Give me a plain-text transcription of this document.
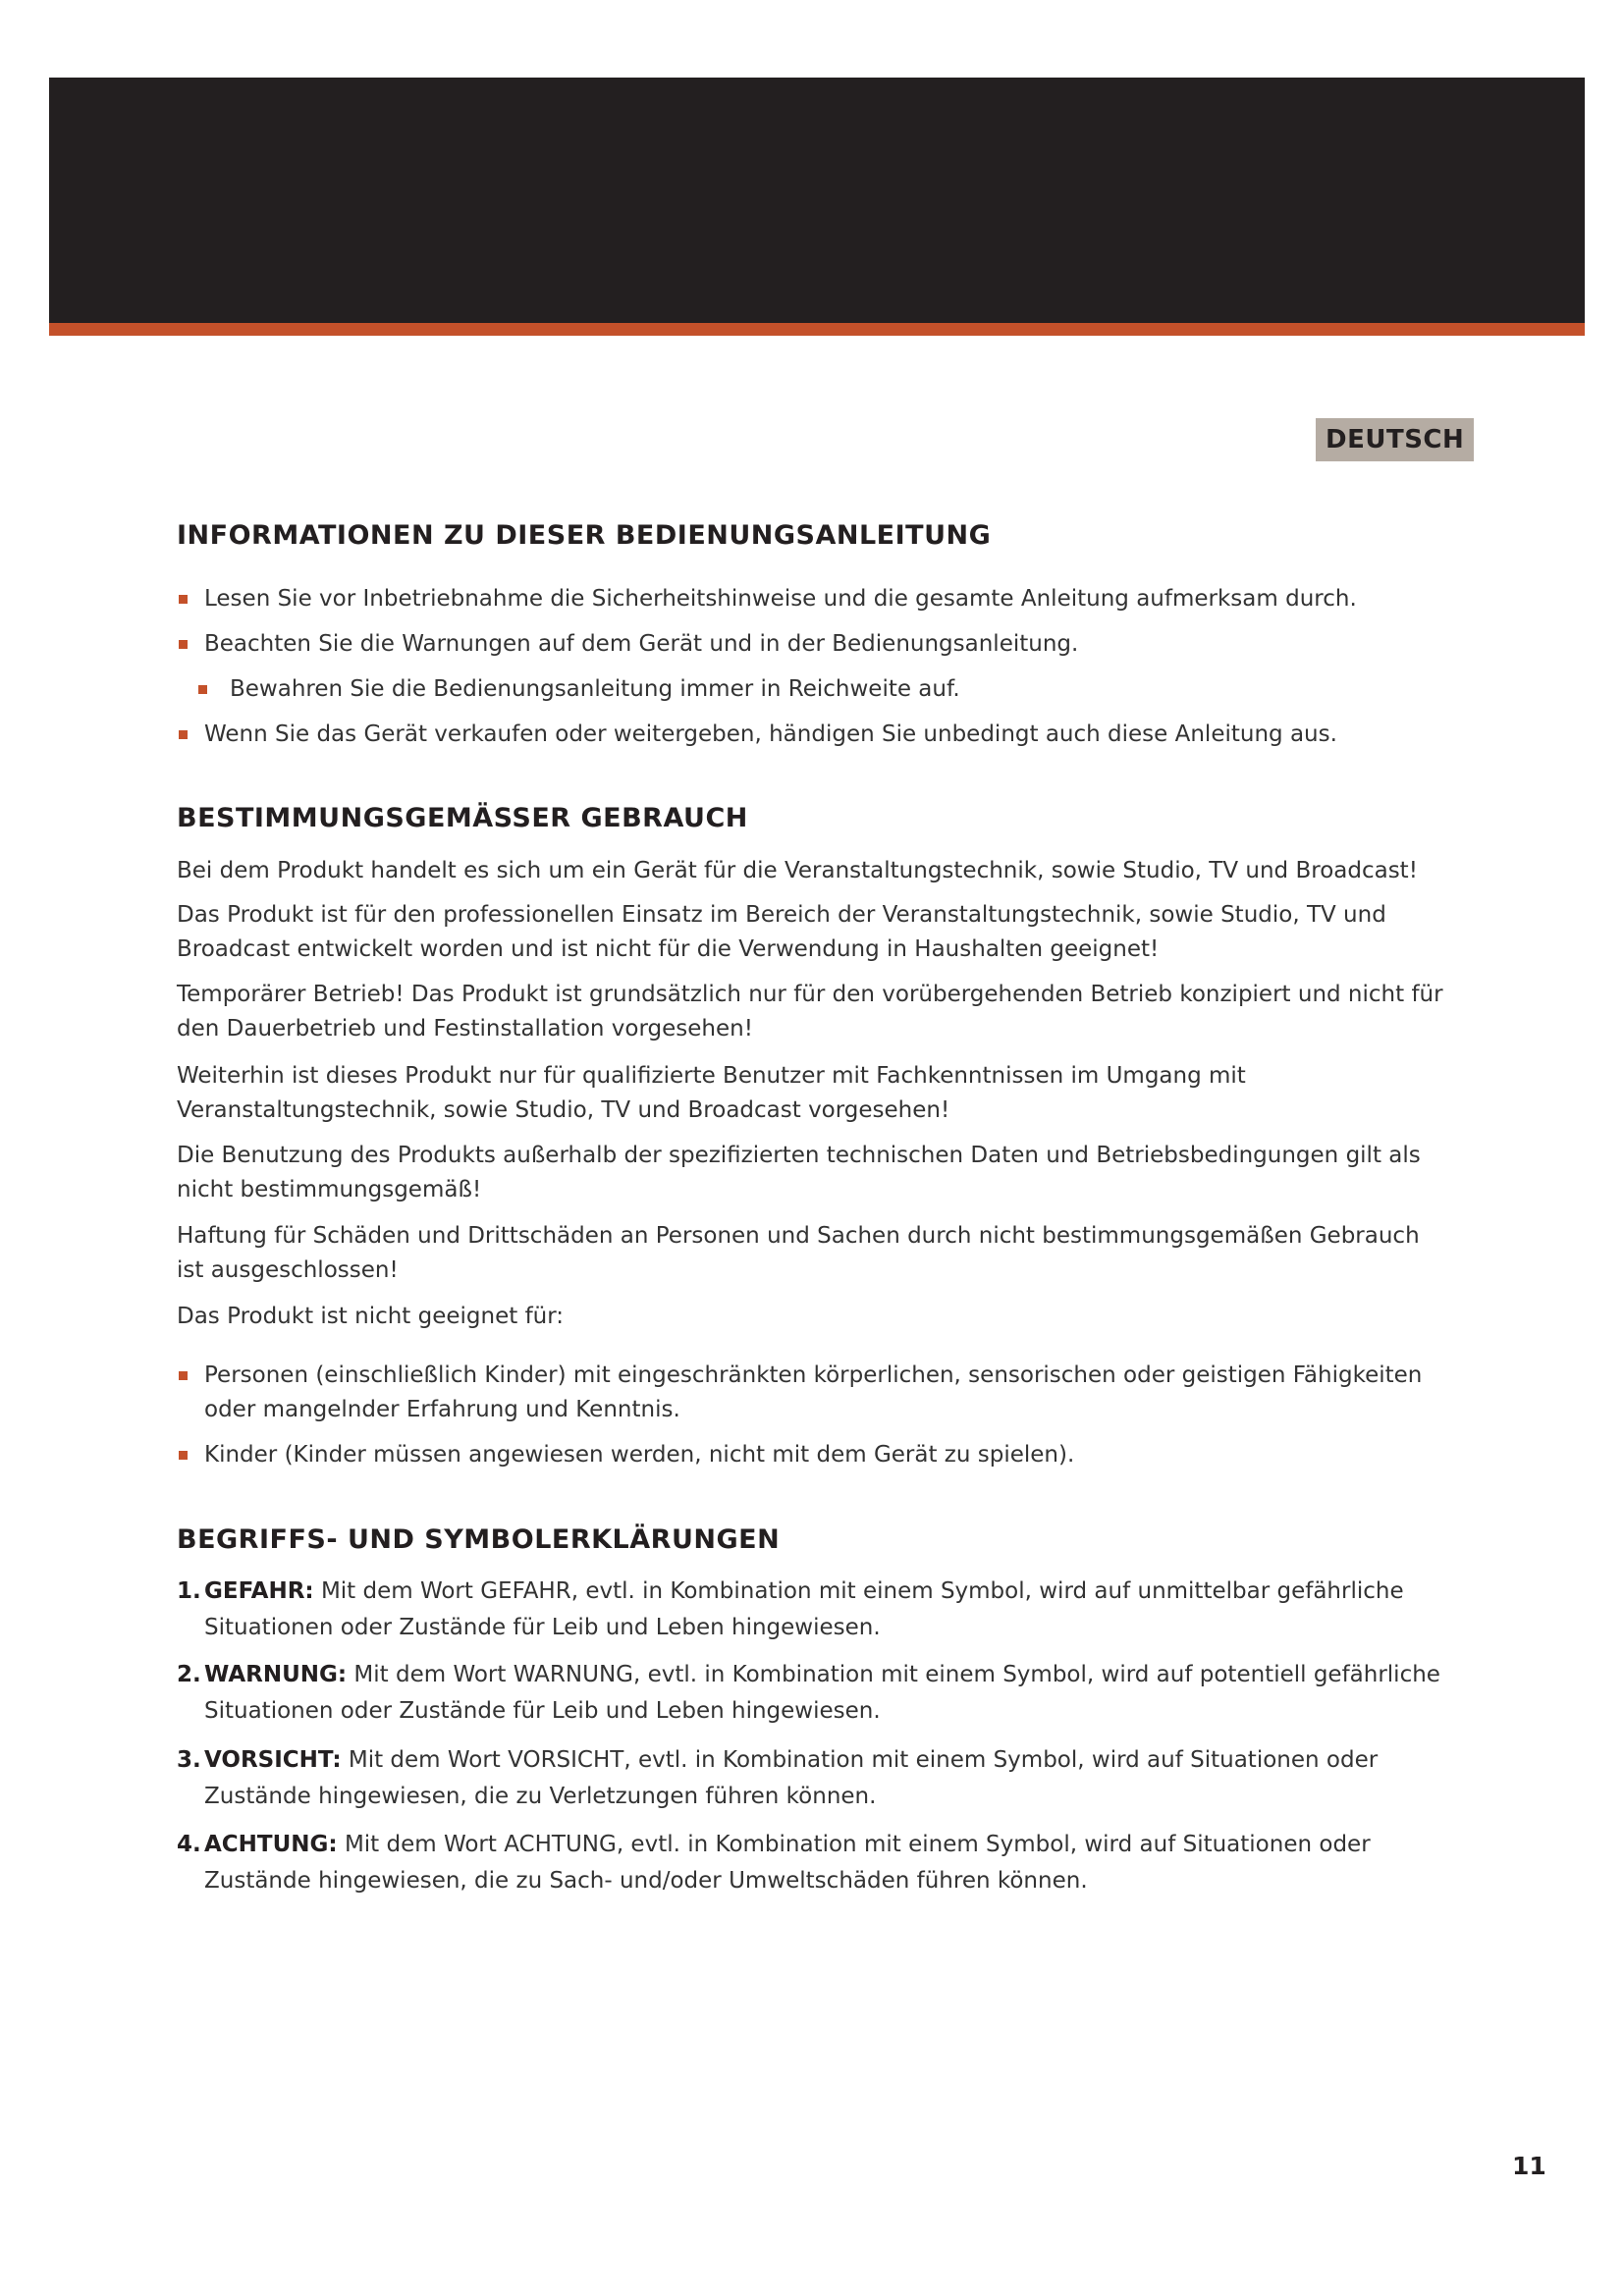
DEUTSCH
INFORMATIONEN ZU DIESER BEDIENUNGSANLEITUNG
Lesen Sie vor Inbetriebnahme die Sicherheitshinweise und die gesamte Anleitung aufmerksam durch.
Beachten Sie die Warnungen auf dem Gerät und in der Bedienungsanleitung.
Bewahren Sie die Bedienungsanleitung immer in Reichweite auf.
Wenn Sie das Gerät verkaufen oder weitergeben, händigen Sie unbedingt auch diese Anleitung aus.
BESTIMMUNGSGEMÄSSER GEBRAUCH
Bei dem Produkt handelt es sich um ein Gerät für die Veranstaltungstechnik, sowie Studio, TV und Broadcast!
Das Produkt ist für den professionellen Einsatz im Bereich der Veranstaltungstechnik, sowie Studio, TV und Broadcast entwickelt worden und ist nicht für die Verwendung in Haushalten geeignet!
Temporärer Betrieb! Das Produkt ist grundsätzlich nur für den vorübergehenden Betrieb konzipiert und nicht für den Dauerbetrieb und Festinstallation vorgesehen!
Weiterhin ist dieses Produkt nur für qualifizierte Benutzer mit Fachkenntnissen im Umgang mit Veranstaltungstechnik, sowie Studio, TV und Broadcast vorgesehen!
Die Benutzung des Produkts außerhalb der spezifizierten technischen Daten und Betriebsbedingungen gilt als nicht bestimmungsgemäß!
Haftung für Schäden und Drittschäden an Personen und Sachen durch nicht bestimmungsgemäßen Gebrauch ist ausgeschlossen!
Das Produkt ist nicht geeignet für:
Personen (einschließlich Kinder) mit eingeschränkten körperlichen, sensorischen oder geistigen Fähigkeiten oder mangelnder Erfahrung und Kenntnis.
Kinder (Kinder müssen angewiesen werden, nicht mit dem Gerät zu spielen).
BEGRIFFS- UND SYMBOLERKLÄRUNGEN
1. GEFAHR: Mit dem Wort GEFAHR, evtl. in Kombination mit einem Symbol, wird auf unmittelbar gefährliche Situationen oder Zustände für Leib und Leben hingewiesen.
2. WARNUNG: Mit dem Wort WARNUNG, evtl. in Kombination mit einem Symbol, wird auf potentiell gefährliche Situationen oder Zustände für Leib und Leben hingewiesen.
3. VORSICHT: Mit dem Wort VORSICHT, evtl. in Kombination mit einem Symbol, wird auf Situationen oder Zustände hingewiesen, die zu Verletzungen führen können.
4. ACHTUNG: Mit dem Wort ACHTUNG, evtl. in Kombination mit einem Symbol, wird auf Situationen oder Zustände hingewiesen, die zu Sach- und/oder Umweltschäden führen können.
11
